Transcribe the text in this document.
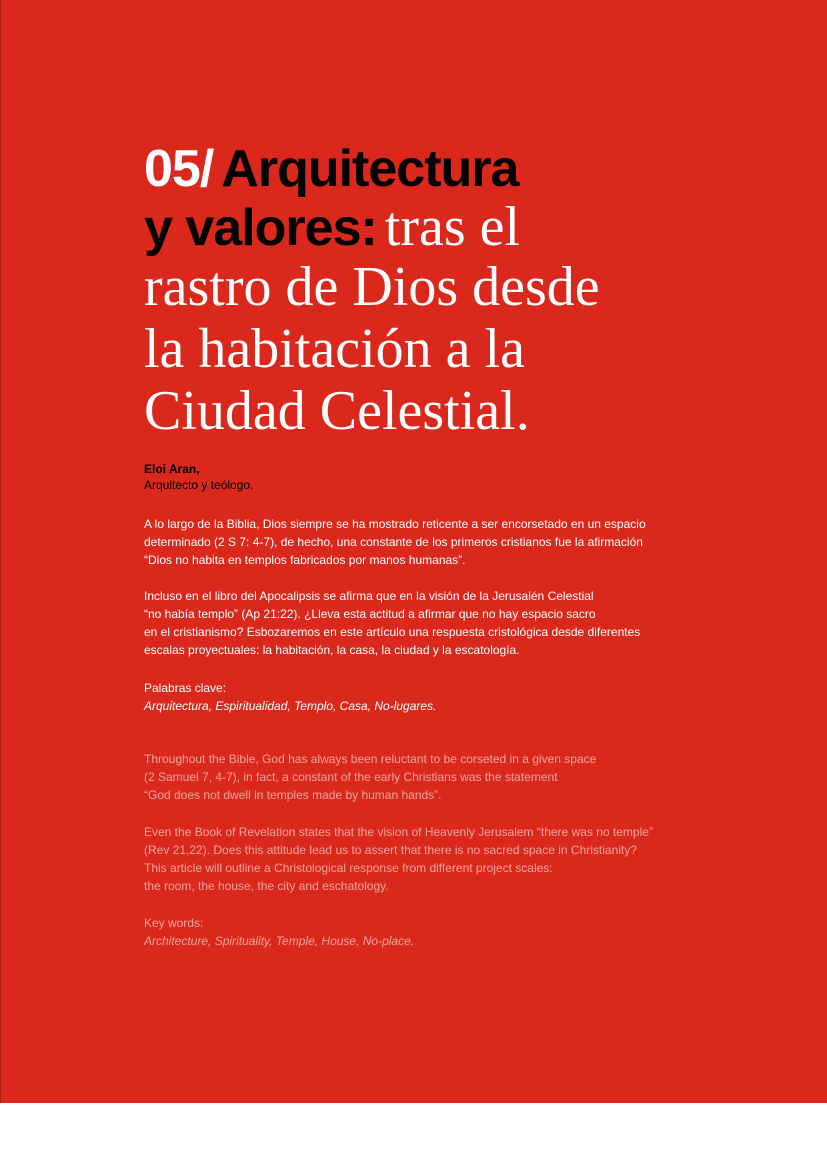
05/ Arquitectura
y valores: tras el
rastro de Dios desde
la habitación a la
Ciudad Celestial.
Eloi Aran,
Arquitecto y teólogo.

A lo largo de la Biblia, Dios siempre se ha mostrado reticente a ser encorsetado en un espacio

determinado (2 S 7: 4-7), de hecho, una constante de los primeros cristianos fue la afirmación

“Dios no habita en templos fabricados por manos humanas”.

Incluso en el libro del Apocalipsis se afirma que en la visión de la Jerusalén Celestial

“no había templo” (Ap 21:22). ¿Lleva esta actitud a afirmar que no hay espacio sacro

en el cristianismo? Esbozaremos en este artículo una respuesta cristológica desde diferentes

escalas proyectuales: la habitación, la casa, la ciudad y la escatología.

Palabras clave:

Arquitectura, Espiritualidad, Templo, Casa, No-lugares.

Throughout the Bible, God has always been reluctant to be corseted in a given space

(2 Samuel 7, 4-7), in fact, a constant of the early Christians was the statement

“God does not dwell in temples made by human hands”.

Even the Book of Revelation states that the vision of Heavenly Jerusalem “there was no temple”

(Rev 21,22). Does this attitude lead us to assert that there is no sacred space in Christianity?

This article will outline a Christological response from different project scales:

the room, the house, the city and eschatology.

Key words:

Architecture, Spirituality, Temple, House, No-place.
